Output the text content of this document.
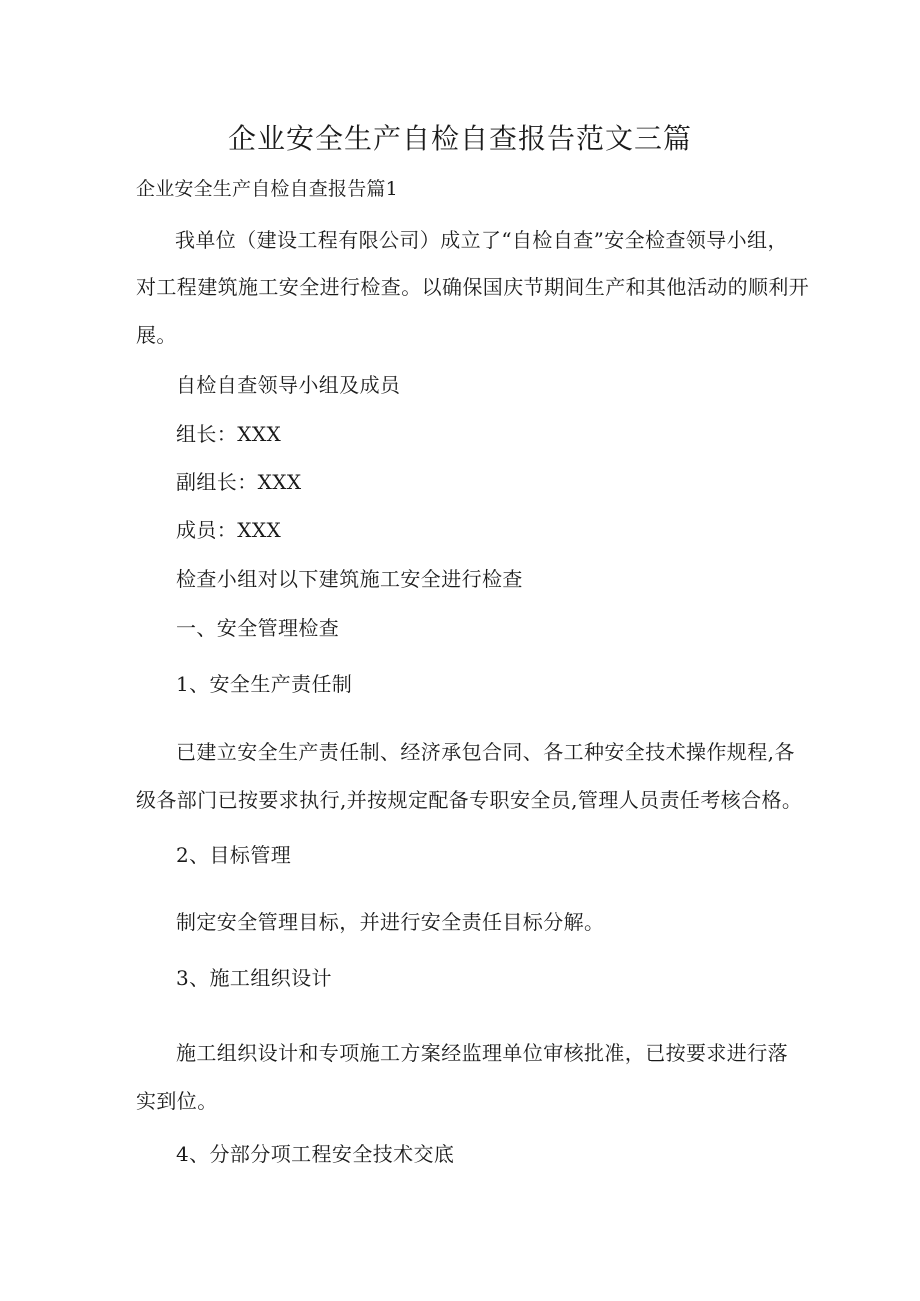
企业安全生产自检自查报告范文三篇
企业安全生产自检自查报告篇1
我单位（建设工程有限公司）成立了“自检自查”安全检查领导小组，
对工程建筑施工安全进行检查。以确保国庆节期间生产和其他活动的顺利开
展。
自检自查领导小组及成员
组长：XXX
副组长：XXX
成员：XXX
检查小组对以下建筑施工安全进行检查
一、安全管理检查
1、安全生产责任制
已建立安全生产责任制、经济承包合同、各工种安全技术操作规程,各
级各部门已按要求执行,并按规定配备专职安全员,管理人员责任考核合格。
2、目标管理
制定安全管理目标，并进行安全责任目标分解。
3、施工组织设计
施工组织设计和专项施工方案经监理单位审核批准，已按要求进行落
实到位。
4、分部分项工程安全技术交底
